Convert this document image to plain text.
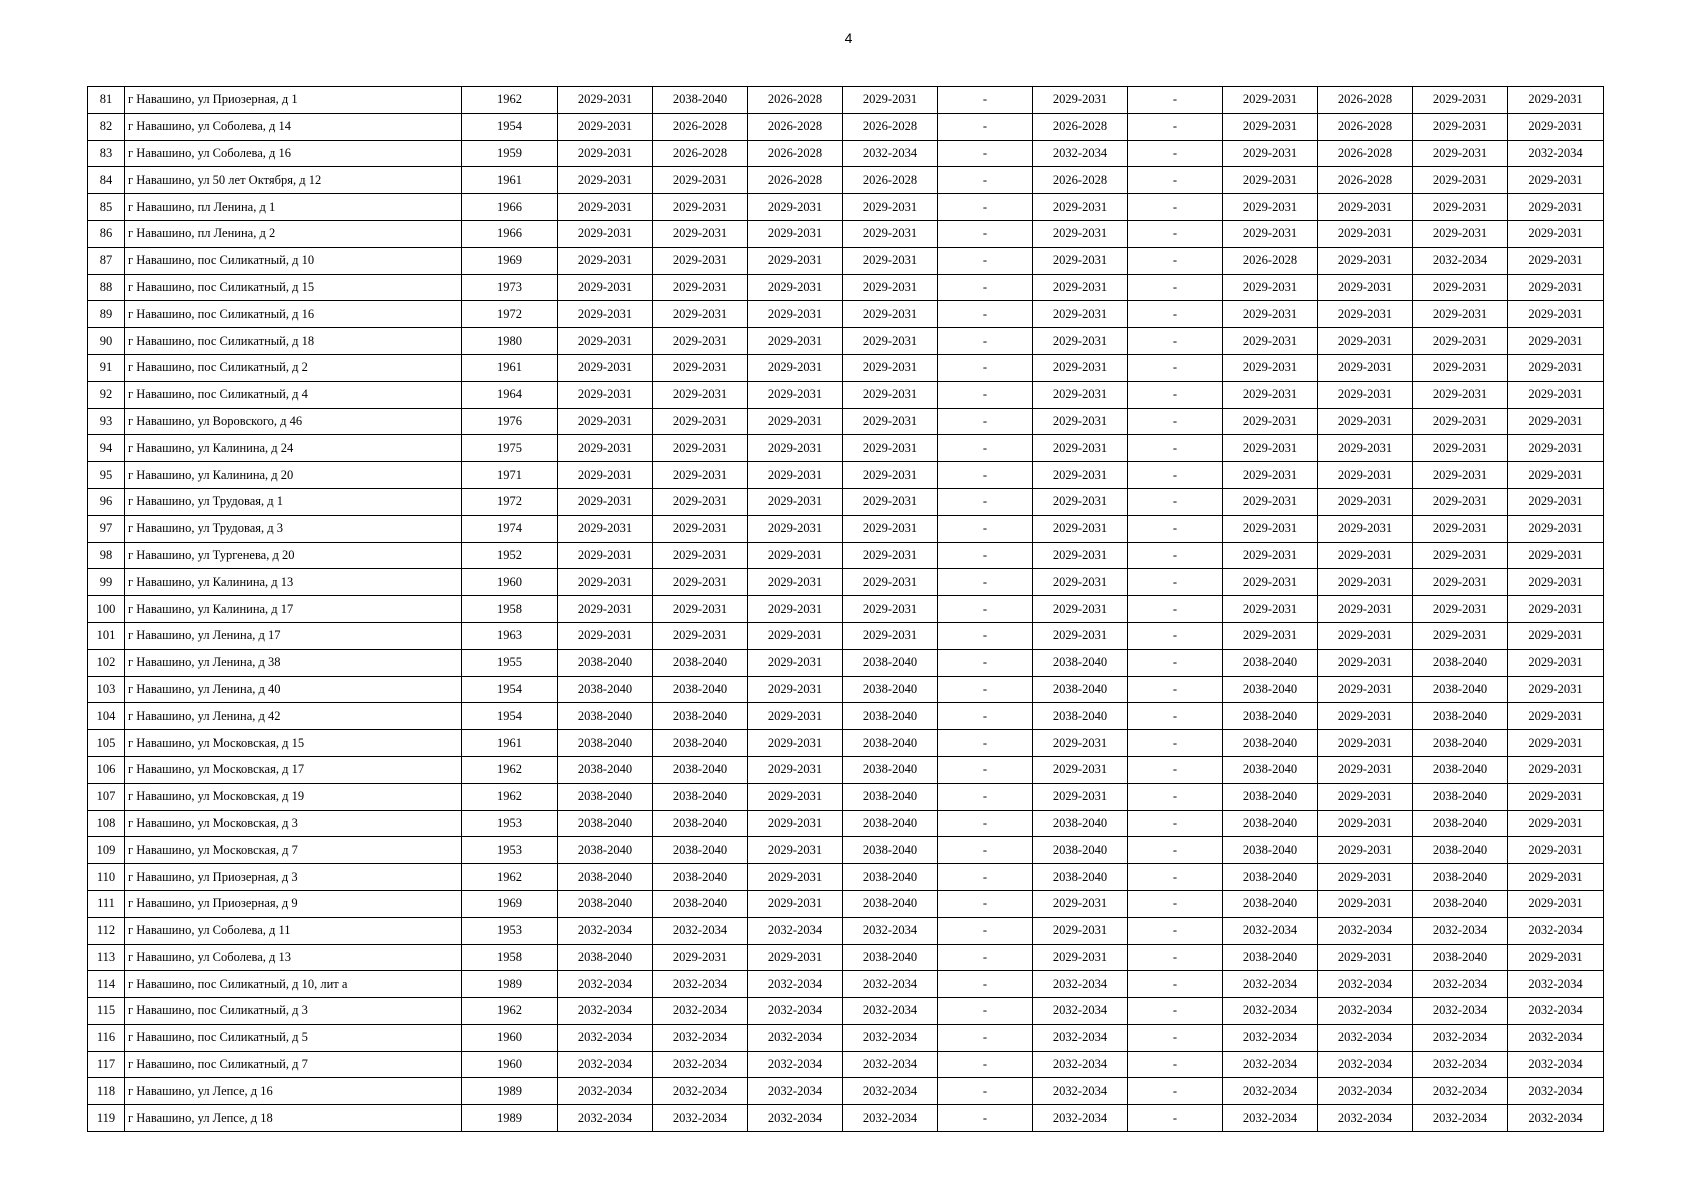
4
81	г Навашино, ул Приозерная, д 1	1962	2029-2031	2038-2040	2026-2028	2029-2031	-	2029-2031	-	2029-2031	2026-2028	2029-2031	2029-2031
82	г Навашино, ул Соболева, д 14	1954	2029-2031	2026-2028	2026-2028	2026-2028	-	2026-2028	-	2029-2031	2026-2028	2029-2031	2029-2031
83	г Навашино, ул Соболева, д 16	1959	2029-2031	2026-2028	2026-2028	2032-2034	-	2032-2034	-	2029-2031	2026-2028	2029-2031	2032-2034
84	г Навашино, ул 50 лет Октября, д 12	1961	2029-2031	2029-2031	2026-2028	2026-2028	-	2026-2028	-	2029-2031	2026-2028	2029-2031	2029-2031
85	г Навашино, пл Ленина, д 1	1966	2029-2031	2029-2031	2029-2031	2029-2031	-	2029-2031	-	2029-2031	2029-2031	2029-2031	2029-2031
86	г Навашино, пл Ленина, д 2	1966	2029-2031	2029-2031	2029-2031	2029-2031	-	2029-2031	-	2029-2031	2029-2031	2029-2031	2029-2031
87	г Навашино, пос Силикатный, д 10	1969	2029-2031	2029-2031	2029-2031	2029-2031	-	2029-2031	-	2026-2028	2029-2031	2032-2034	2029-2031
88	г Навашино, пос Силикатный, д 15	1973	2029-2031	2029-2031	2029-2031	2029-2031	-	2029-2031	-	2029-2031	2029-2031	2029-2031	2029-2031
89	г Навашино, пос Силикатный, д 16	1972	2029-2031	2029-2031	2029-2031	2029-2031	-	2029-2031	-	2029-2031	2029-2031	2029-2031	2029-2031
90	г Навашино, пос Силикатный, д 18	1980	2029-2031	2029-2031	2029-2031	2029-2031	-	2029-2031	-	2029-2031	2029-2031	2029-2031	2029-2031
91	г Навашино, пос Силикатный, д 2	1961	2029-2031	2029-2031	2029-2031	2029-2031	-	2029-2031	-	2029-2031	2029-2031	2029-2031	2029-2031
92	г Навашино, пос Силикатный, д 4	1964	2029-2031	2029-2031	2029-2031	2029-2031	-	2029-2031	-	2029-2031	2029-2031	2029-2031	2029-2031
93	г Навашино, ул Воровского, д 46	1976	2029-2031	2029-2031	2029-2031	2029-2031	-	2029-2031	-	2029-2031	2029-2031	2029-2031	2029-2031
94	г Навашино, ул Калинина, д 24	1975	2029-2031	2029-2031	2029-2031	2029-2031	-	2029-2031	-	2029-2031	2029-2031	2029-2031	2029-2031
95	г Навашино, ул Калинина, д 20	1971	2029-2031	2029-2031	2029-2031	2029-2031	-	2029-2031	-	2029-2031	2029-2031	2029-2031	2029-2031
96	г Навашино, ул Трудовая, д 1	1972	2029-2031	2029-2031	2029-2031	2029-2031	-	2029-2031	-	2029-2031	2029-2031	2029-2031	2029-2031
97	г Навашино, ул Трудовая, д 3	1974	2029-2031	2029-2031	2029-2031	2029-2031	-	2029-2031	-	2029-2031	2029-2031	2029-2031	2029-2031
98	г Навашино, ул Тургенева, д 20	1952	2029-2031	2029-2031	2029-2031	2029-2031	-	2029-2031	-	2029-2031	2029-2031	2029-2031	2029-2031
99	г Навашино, ул Калинина, д 13	1960	2029-2031	2029-2031	2029-2031	2029-2031	-	2029-2031	-	2029-2031	2029-2031	2029-2031	2029-2031
100	г Навашино, ул Калинина, д 17	1958	2029-2031	2029-2031	2029-2031	2029-2031	-	2029-2031	-	2029-2031	2029-2031	2029-2031	2029-2031
101	г Навашино, ул Ленина, д 17	1963	2029-2031	2029-2031	2029-2031	2029-2031	-	2029-2031	-	2029-2031	2029-2031	2029-2031	2029-2031
102	г Навашино, ул Ленина, д 38	1955	2038-2040	2038-2040	2029-2031	2038-2040	-	2038-2040	-	2038-2040	2029-2031	2038-2040	2029-2031
103	г Навашино, ул Ленина, д 40	1954	2038-2040	2038-2040	2029-2031	2038-2040	-	2038-2040	-	2038-2040	2029-2031	2038-2040	2029-2031
104	г Навашино, ул Ленина, д 42	1954	2038-2040	2038-2040	2029-2031	2038-2040	-	2038-2040	-	2038-2040	2029-2031	2038-2040	2029-2031
105	г Навашино, ул Московская, д 15	1961	2038-2040	2038-2040	2029-2031	2038-2040	-	2029-2031	-	2038-2040	2029-2031	2038-2040	2029-2031
106	г Навашино, ул Московская, д 17	1962	2038-2040	2038-2040	2029-2031	2038-2040	-	2029-2031	-	2038-2040	2029-2031	2038-2040	2029-2031
107	г Навашино, ул Московская, д 19	1962	2038-2040	2038-2040	2029-2031	2038-2040	-	2029-2031	-	2038-2040	2029-2031	2038-2040	2029-2031
108	г Навашино, ул Московская, д 3	1953	2038-2040	2038-2040	2029-2031	2038-2040	-	2038-2040	-	2038-2040	2029-2031	2038-2040	2029-2031
109	г Навашино, ул Московская, д 7	1953	2038-2040	2038-2040	2029-2031	2038-2040	-	2038-2040	-	2038-2040	2029-2031	2038-2040	2029-2031
110	г Навашино, ул Приозерная, д 3	1962	2038-2040	2038-2040	2029-2031	2038-2040	-	2038-2040	-	2038-2040	2029-2031	2038-2040	2029-2031
111	г Навашино, ул Приозерная, д 9	1969	2038-2040	2038-2040	2029-2031	2038-2040	-	2029-2031	-	2038-2040	2029-2031	2038-2040	2029-2031
112	г Навашино, ул Соболева, д 11	1953	2032-2034	2032-2034	2032-2034	2032-2034	-	2029-2031	-	2032-2034	2032-2034	2032-2034	2032-2034
113	г Навашино, ул Соболева, д 13	1958	2038-2040	2029-2031	2029-2031	2038-2040	-	2029-2031	-	2038-2040	2029-2031	2038-2040	2029-2031
114	г Навашино, пос Силикатный, д 10, лит а	1989	2032-2034	2032-2034	2032-2034	2032-2034	-	2032-2034	-	2032-2034	2032-2034	2032-2034	2032-2034
115	г Навашино, пос Силикатный, д 3	1962	2032-2034	2032-2034	2032-2034	2032-2034	-	2032-2034	-	2032-2034	2032-2034	2032-2034	2032-2034
116	г Навашино, пос Силикатный, д 5	1960	2032-2034	2032-2034	2032-2034	2032-2034	-	2032-2034	-	2032-2034	2032-2034	2032-2034	2032-2034
117	г Навашино, пос Силикатный, д 7	1960	2032-2034	2032-2034	2032-2034	2032-2034	-	2032-2034	-	2032-2034	2032-2034	2032-2034	2032-2034
118	г Навашино, ул Лепсе, д 16	1989	2032-2034	2032-2034	2032-2034	2032-2034	-	2032-2034	-	2032-2034	2032-2034	2032-2034	2032-2034
119	г Навашино, ул Лепсе, д 18	1989	2032-2034	2032-2034	2032-2034	2032-2034	-	2032-2034	-	2032-2034	2032-2034	2032-2034	2032-2034
